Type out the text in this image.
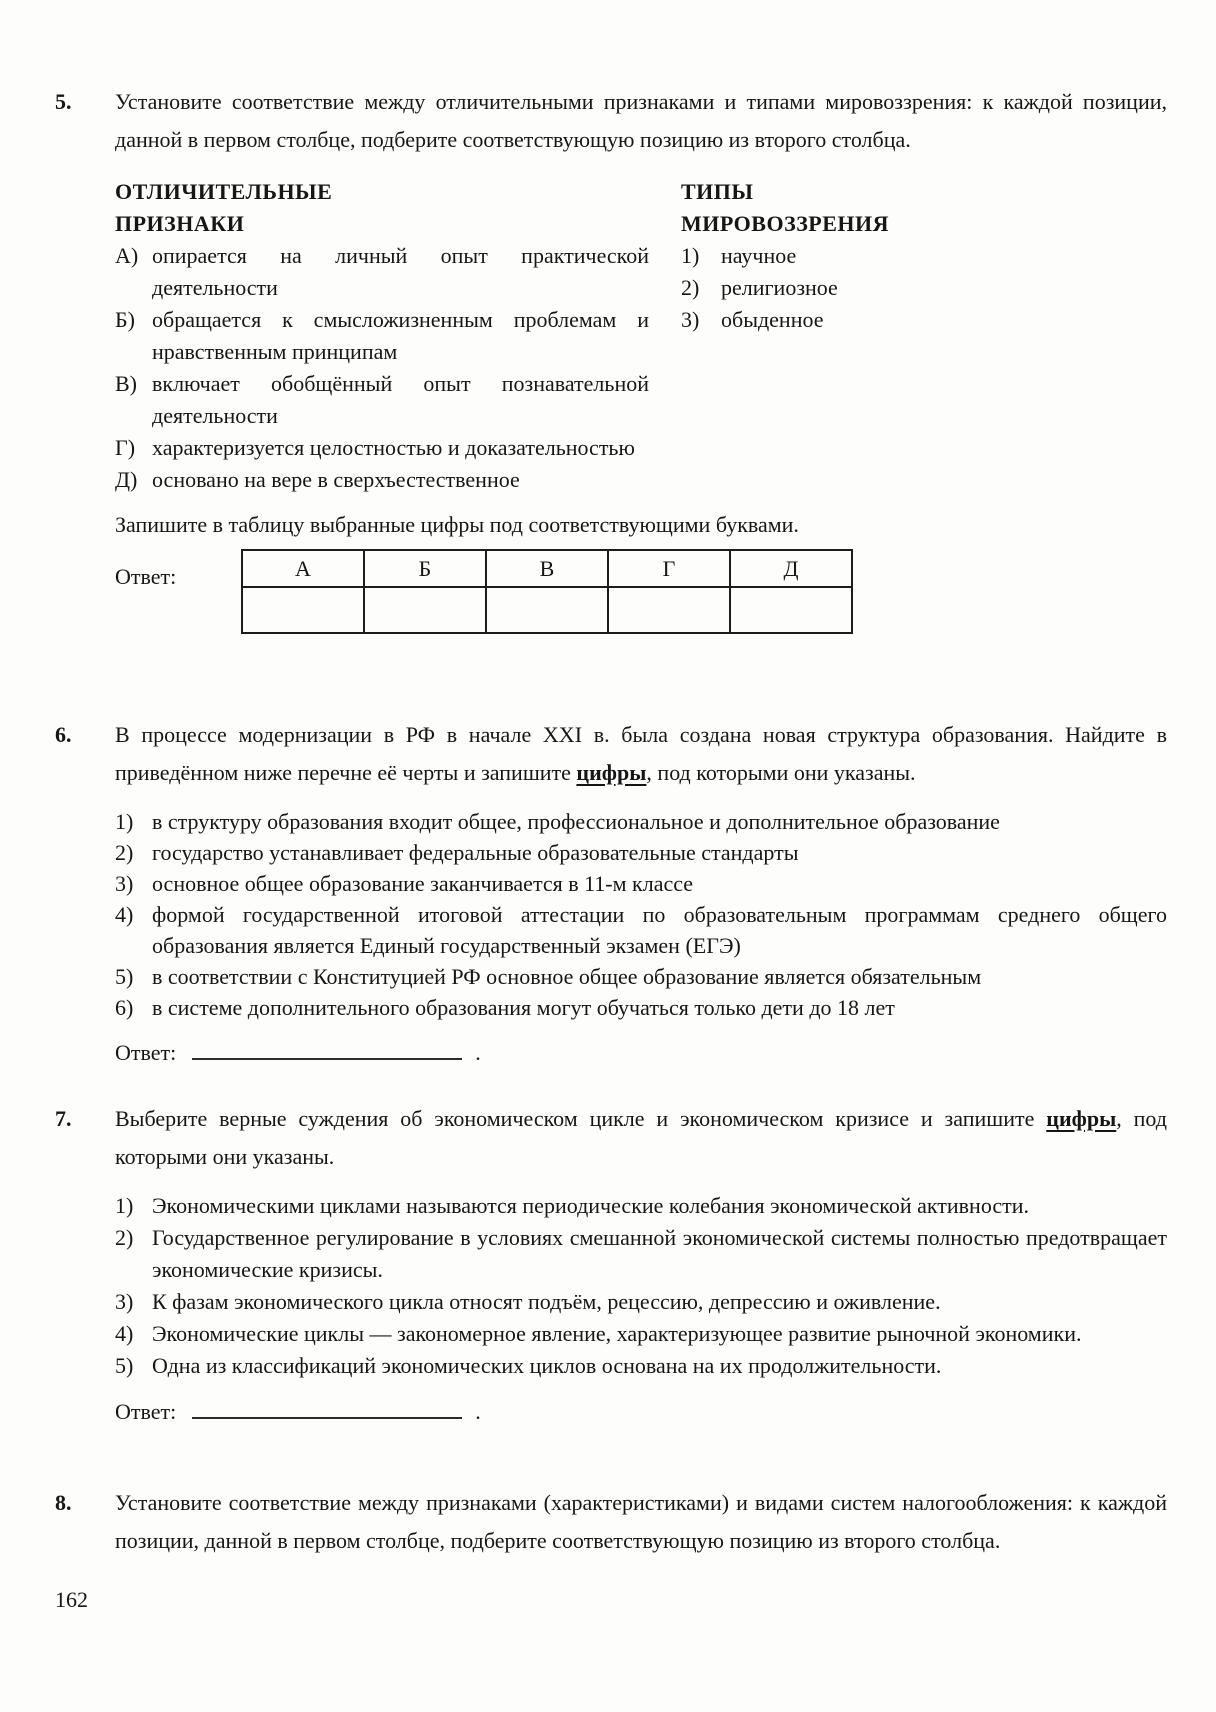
5.	Установите соответствие между отличительными признаками и типами мировоззрения: к каждой позиции, данной в первом столбце, подберите соответствующую позицию из второго столбца.
ОТЛИЧИТЕЛЬНЫЕ
ПРИЗНАКИ
А) опирается на личный опыт практической деятельности
Б) обращается к смысложизненным проблемам и нравственным принципам
В) включает обобщённый опыт познавательной деятельности
Г) характеризуется целостностью и доказательностью
Д) основано на вере в сверхъестественное
ТИПЫ
МИРОВОЗЗРЕНИЯ
1) научное
2) религиозное
3) обыденное
Запишите в таблицу выбранные цифры под соответствующими буквами.
Ответ:	А	Б	В	Г	Д

6.	В процессе модернизации в РФ в начале XXI в. была создана новая структура образования. Найдите в приведённом ниже перечне её черты и запишите цифры, под которыми они указаны.
1) в структуру образования входит общее, профессиональное и дополнительное образование
2) государство устанавливает федеральные образовательные стандарты
3) основное общее образование заканчивается в 11-м классе
4) формой государственной итоговой аттестации по образовательным программам среднего общего образования является Единый государственный экзамен (ЕГЭ)
5) в соответствии с Конституцией РФ основное общее образование является обязательным
6) в системе дополнительного образования могут обучаться только дети до 18 лет
Ответ:	.
7.	Выберите верные суждения об экономическом цикле и экономическом кризисе и запишите цифры, под которыми они указаны.
1) Экономическими циклами называются периодические колебания экономической активности.
2) Государственное регулирование в условиях смешанной экономической системы полностью предотвращает экономические кризисы.
3) К фазам экономического цикла относят подъём, рецессию, депрессию и оживление.
4) Экономические циклы — закономерное явление, характеризующее развитие рыночной экономики.
5) Одна из классификаций экономических циклов основана на их продолжительности.
Ответ:	.
8.	Установите соответствие между признаками (характеристиками) и видами систем налогообложения: к каждой позиции, данной в первом столбце, подберите соответствующую позицию из второго столбца.
162
